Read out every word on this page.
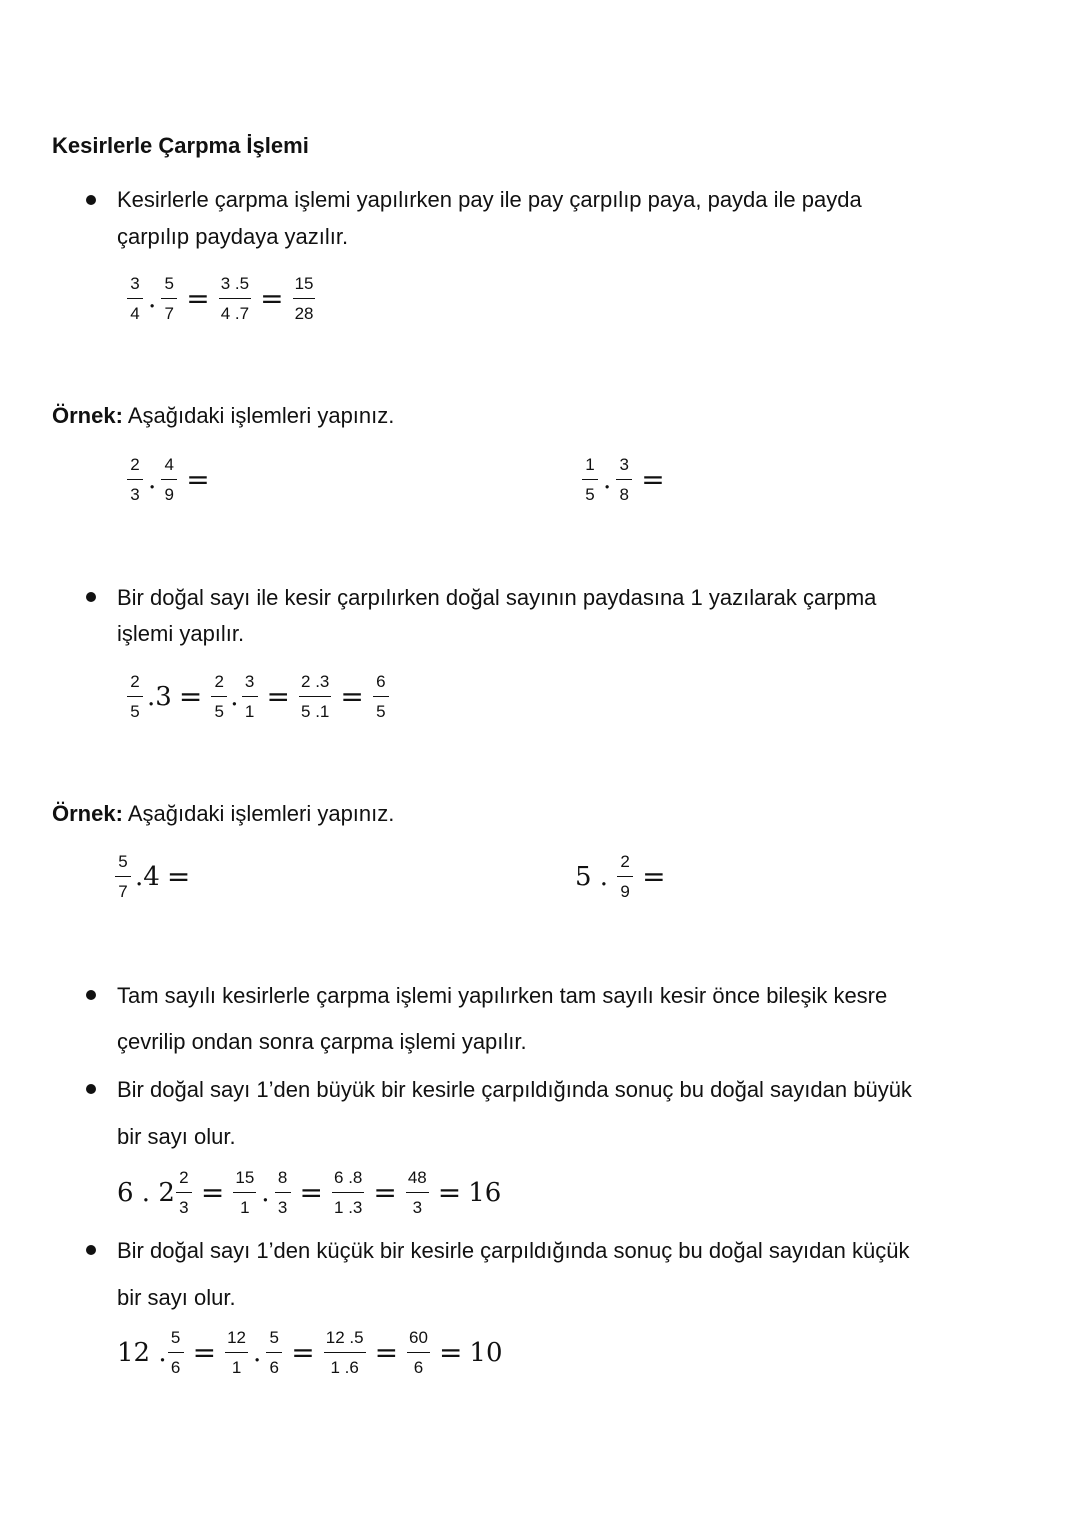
Kesirlerle Çarpma İşlemi
Kesirlerle çarpma işlemi yapılırken pay ile pay çarpılıp paya, payda ile payda
çarpılıp paydaya yazılır.
$\frac{3}{4}$ . $\frac{5}{7} = \frac{3 .5}{4 .7} = \frac{15}{28}$
Örnek: Aşağıdaki işlemleri yapınız.
$\frac{2}{3}$ . $\frac{4}{9}$ =	$\frac{1}{5}$ . $\frac{3}{8}$ =
Bir doğal sayı ile kesir çarpılırken doğal sayının paydasına 1 yazılarak çarpma
işlemi yapılır.
$\frac{2}{5} .3 = \frac{2}{5}$ . $\frac{3}{1} = \frac{2 .3}{5 .1} = \frac{6}{5}$
Örnek: Aşağıdaki işlemleri yapınız.
$\frac{5}{7} .4$ =	5 . $\frac{2}{9}$ =
Tam sayılı kesirlerle çarpma işlemi yapılırken tam sayılı kesir önce bileşik kesre
çevrilip ondan sonra çarpma işlemi yapılır.
Bir doğal sayı 1’den büyük bir kesirle çarpıldığında sonuç bu doğal sayıdan büyük
bir sayı olur.
6 . $2 \frac{2}{3} = \frac{15}{1}$ . $\frac{8}{3} = \frac{6 .8}{1 .3} = \frac{48}{3} = 16$
Bir doğal sayı 1’den küçük bir kesirle çarpıldığında sonuç bu doğal sayıdan küçük
bir sayı olur.
12 . $\frac{5}{6} = \frac{12}{1}$ . $\frac{5}{6} = \frac{12 .5}{1 .6} = \frac{60}{6} = 10$
